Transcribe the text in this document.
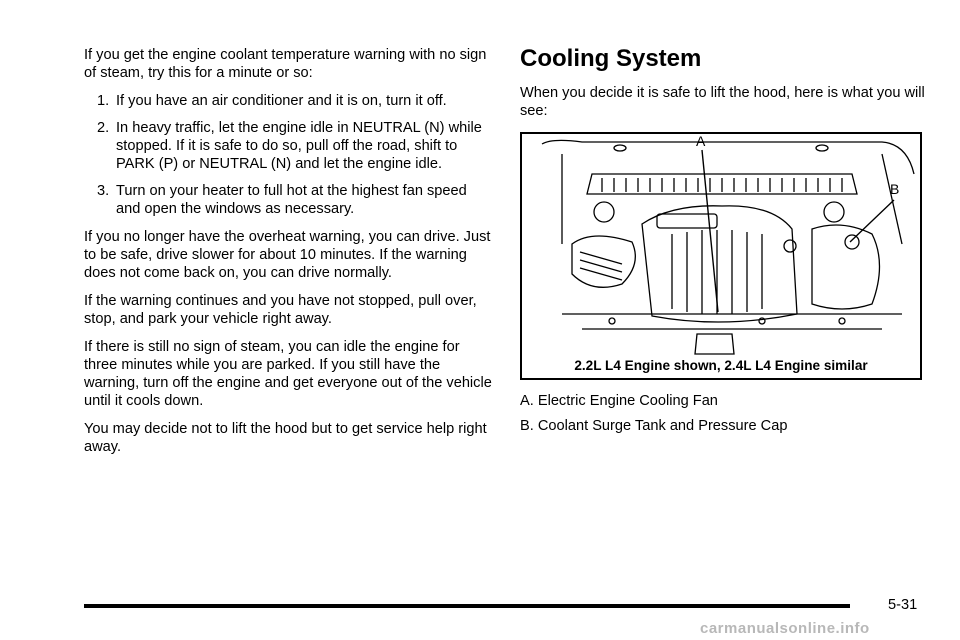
If you get the engine coolant temperature warning with no sign of steam, try this for a minute or so:

1. If you have an air conditioner and it is on, turn it off.
2. In heavy traffic, let the engine idle in NEUTRAL (N) while stopped. If it is safe to do so, pull off the road, shift to PARK (P) or NEUTRAL (N) and let the engine idle.
3. Turn on your heater to full hot at the highest fan speed and open the windows as necessary.

If you no longer have the overheat warning, you can drive. Just to be safe, drive slower for about 10 minutes. If the warning does not come back on, you can drive normally.

If the warning continues and you have not stopped, pull over, stop, and park your vehicle right away.

If there is still no sign of steam, you can idle the engine for three minutes while you are parked. If you still have the warning, turn off the engine and get everyone out of the vehicle until it cools down.

You may decide not to lift the hood but to get service help right away.

Cooling System

When you decide it is safe to lift the hood, here is what you will see:

A
B
2.2L L4 Engine shown, 2.4L L4 Engine similar
A. Electric Engine Cooling Fan
B. Coolant Surge Tank and Pressure Cap
5-31
carmanualsonline.info
